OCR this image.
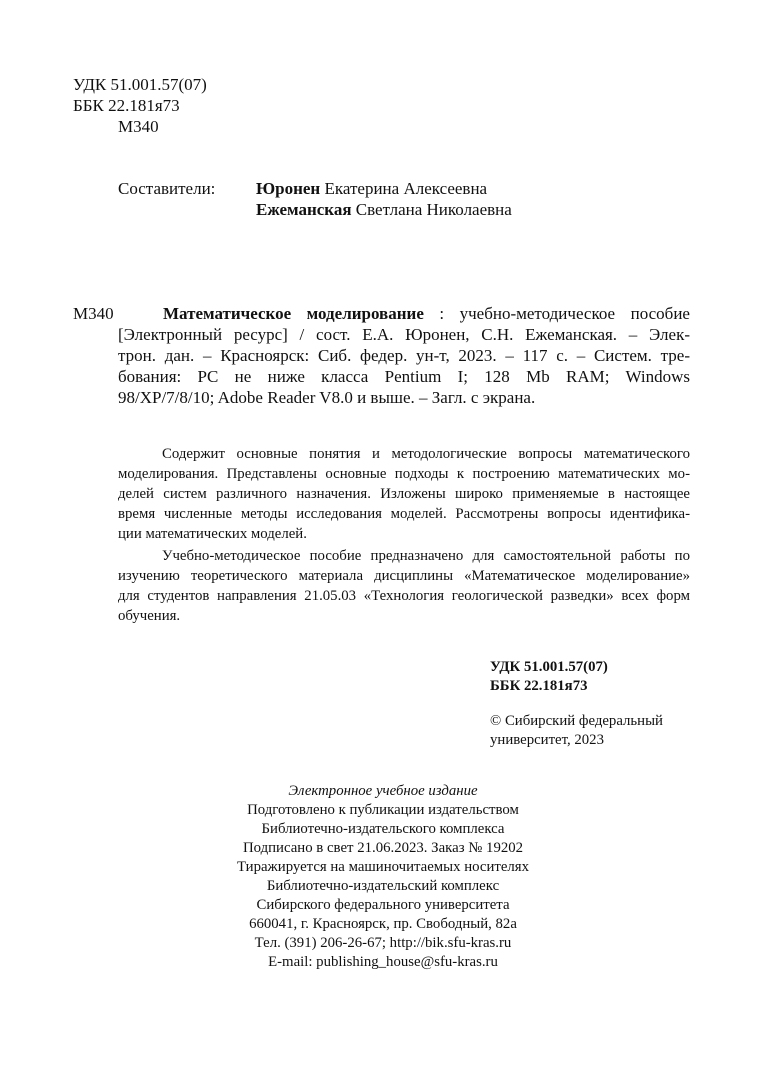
УДК 51.001.57(07)
ББК 22.181я73
М340
Составители: Юронен Екатерина Алексеевна
Ежеманская Светлана Николаевна
М340	Математическое моделирование : учебно-методическое пособие
[Электронный ресурс] / сост. Е.А. Юронен, С.Н. Ежеманская. – Элек-
трон. дан. – Красноярск: Сиб. федер. ун-т, 2023. – 117 с. – Систем. тре-
бования: PC не ниже класса Pentium I; 128 Mb RAM; Windows
98/XP/7/8/10; Adobe Reader V8.0 и выше. – Загл. с экрана.
Содержит основные понятия и методологические вопросы математического
моделирования. Представлены основные подходы к построению математических мо-
делей систем различного назначения. Изложены широко применяемые в настоящее
время численные методы исследования моделей. Рассмотрены вопросы идентифика-
ции математических моделей.
Учебно-методическое пособие предназначено для самостоятельной работы по
изучению теоретического материала дисциплины «Математическое моделирование»
для студентов направления 21.05.03 «Технология геологической разведки» всех форм
обучения.
УДК 51.001.57(07)
ББК 22.181я73
© Сибирский федеральный
университет, 2023
Электронное учебное издание
Подготовлено к публикации издательством
Библиотечно-издательского комплекса
Подписано в свет 21.06.2023. Заказ № 19202
Тиражируется на машиночитаемых носителях
Библиотечно-издательский комплекс
Сибирского федерального университета
660041, г. Красноярск, пр. Свободный, 82а
Тел. (391) 206-26-67; http://bik.sfu-kras.ru
E-mail: publishing_house@sfu-kras.ru
